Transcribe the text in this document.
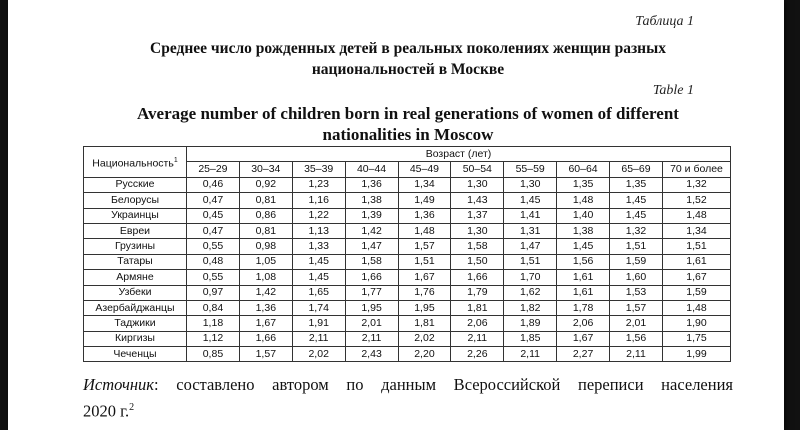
Таблица 1
Среднее число рожденных детей в реальных поколениях женщин разных
национальностей в Москве
Table 1
Average number of children born in real generations of women of different
nationalities in Moscow
Национальность$^1$	Возраст (лет)									
	25–29	30–34	35–39	40–44	45–49	50–54	55–59	60–64	65–69	70 и более
Русские	0,46	0,92	1,23	1,36	1,34	1,30	1,30	1,35	1,35	1,32
Белорусы	0,47	0,81	1,16	1,38	1,49	1,43	1,45	1,48	1,45	1,52
Украинцы	0,45	0,86	1,22	1,39	1,36	1,37	1,41	1,40	1,45	1,48
Евреи	0,47	0,81	1,13	1,42	1,48	1,30	1,31	1,38	1,32	1,34
Грузины	0,55	0,98	1,33	1,47	1,57	1,58	1,47	1,45	1,51	1,51
Татары	0,48	1,05	1,45	1,58	1,51	1,50	1,51	1,56	1,59	1,61
Армяне	0,55	1,08	1,45	1,66	1,67	1,66	1,70	1,61	1,60	1,67
Узбеки	0,97	1,42	1,65	1,77	1,76	1,79	1,62	1,61	1,53	1,59
Азербайджанцы	0,84	1,36	1,74	1,95	1,95	1,81	1,82	1,78	1,57	1,48
Таджики	1,18	1,67	1,91	2,01	1,81	2,06	1,89	2,06	2,01	1,90
Киргизы	1,12	1,66	2,11	2,11	2,02	2,11	1,85	1,67	1,56	1,75
Чеченцы	0,85	1,57	2,02	2,43	2,20	2,26	2,11	2,27	2,11	1,99
Источник: составлено автором по данным Всероссийской переписи населения
2020 г.$^2$
